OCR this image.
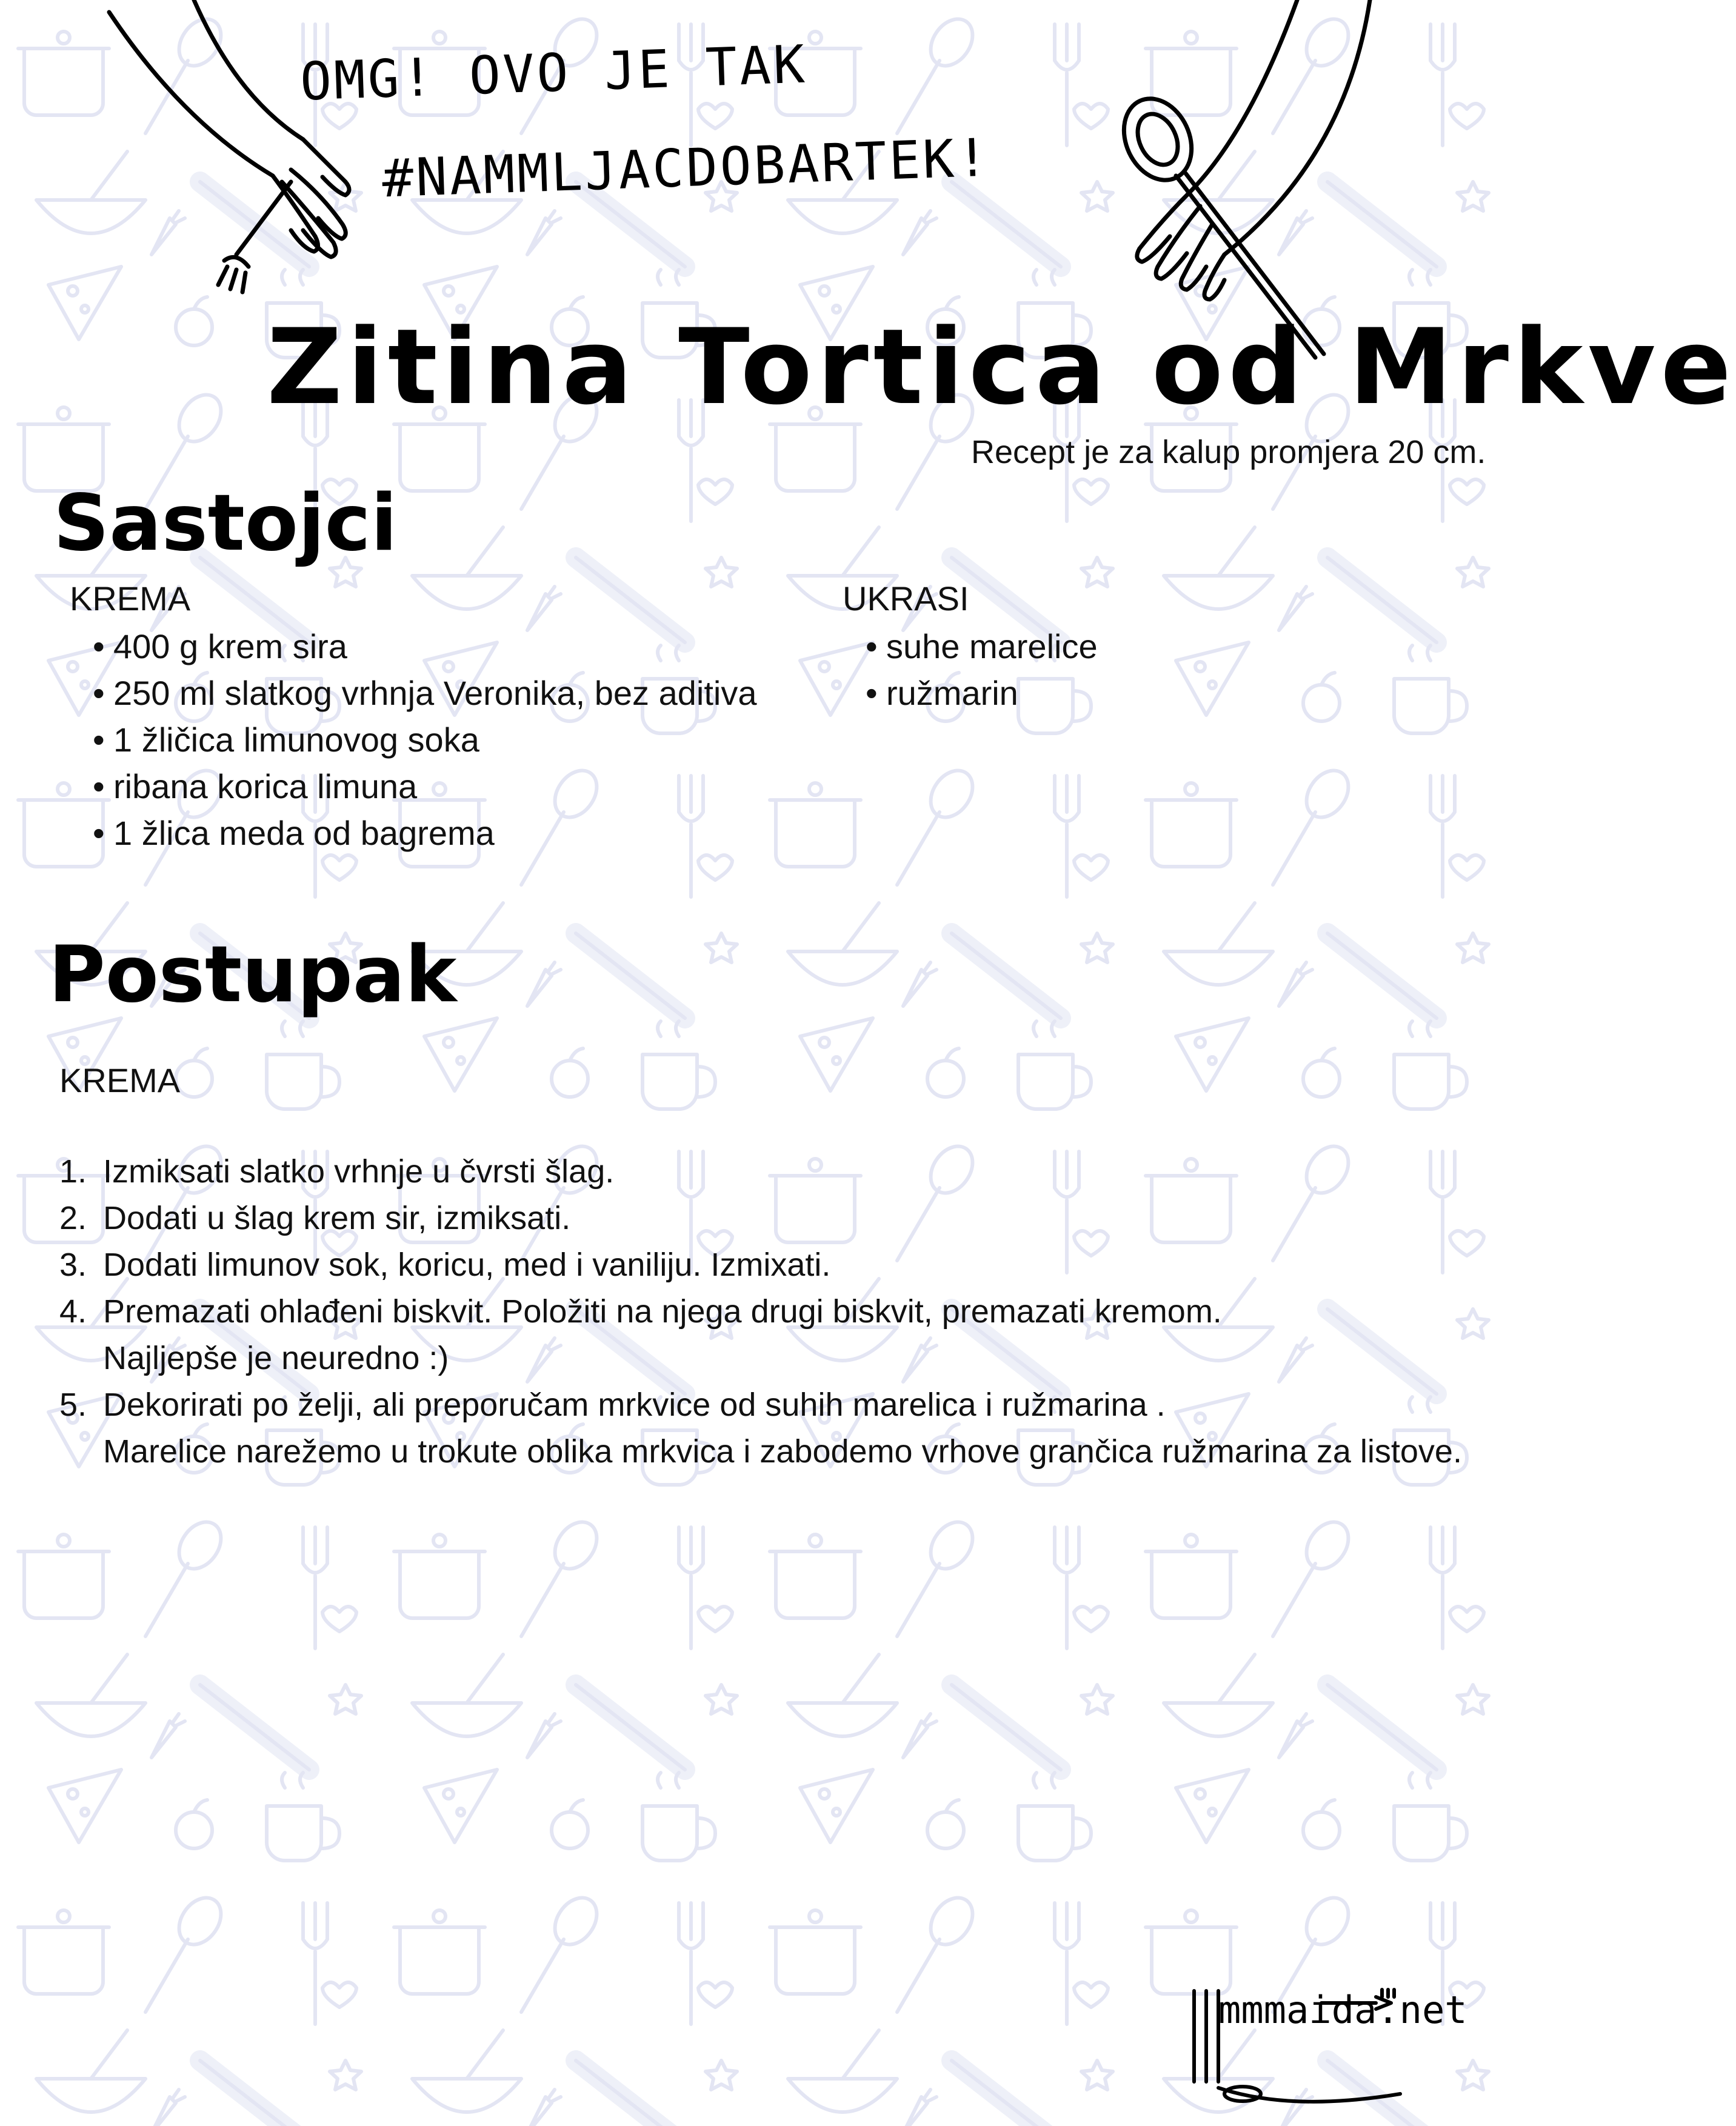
OMG! OVO JE TAK
#NAMMLJACDOBARTEK!
Zitina Tortica od Mrkve
Recept je za kalup promjera 20 cm.
Sastojci
KREMA
• 400 g krem sira
• 250 ml slatkog vrhnja Veronika, bez aditiva
• 1 žličica limunovog soka
• ribana korica limuna
• 1 žlica meda od bagrema
UKRASI
• suhe marelice
• ružmarin
Postupak
KREMA
1. Izmiksati slatko vrhnje u čvrsti šlag.
2. Dodati u šlag krem sir, izmiksati.
3. Dodati limunov sok, koricu, med i vaniliju. Izmixati.
4. Premazati ohlađeni biskvit. Položiti na njega drugi biskvit, premazati kremom.
Najljepše je neuredno :)
5. Dekorirati po želji, ali preporučam mrkvice od suhih marelica i ružmarina .
Marelice narežemo u trokute oblika mrkvica i zabodemo vrhove grančica ružmarina za listove.
mmmaida.net
